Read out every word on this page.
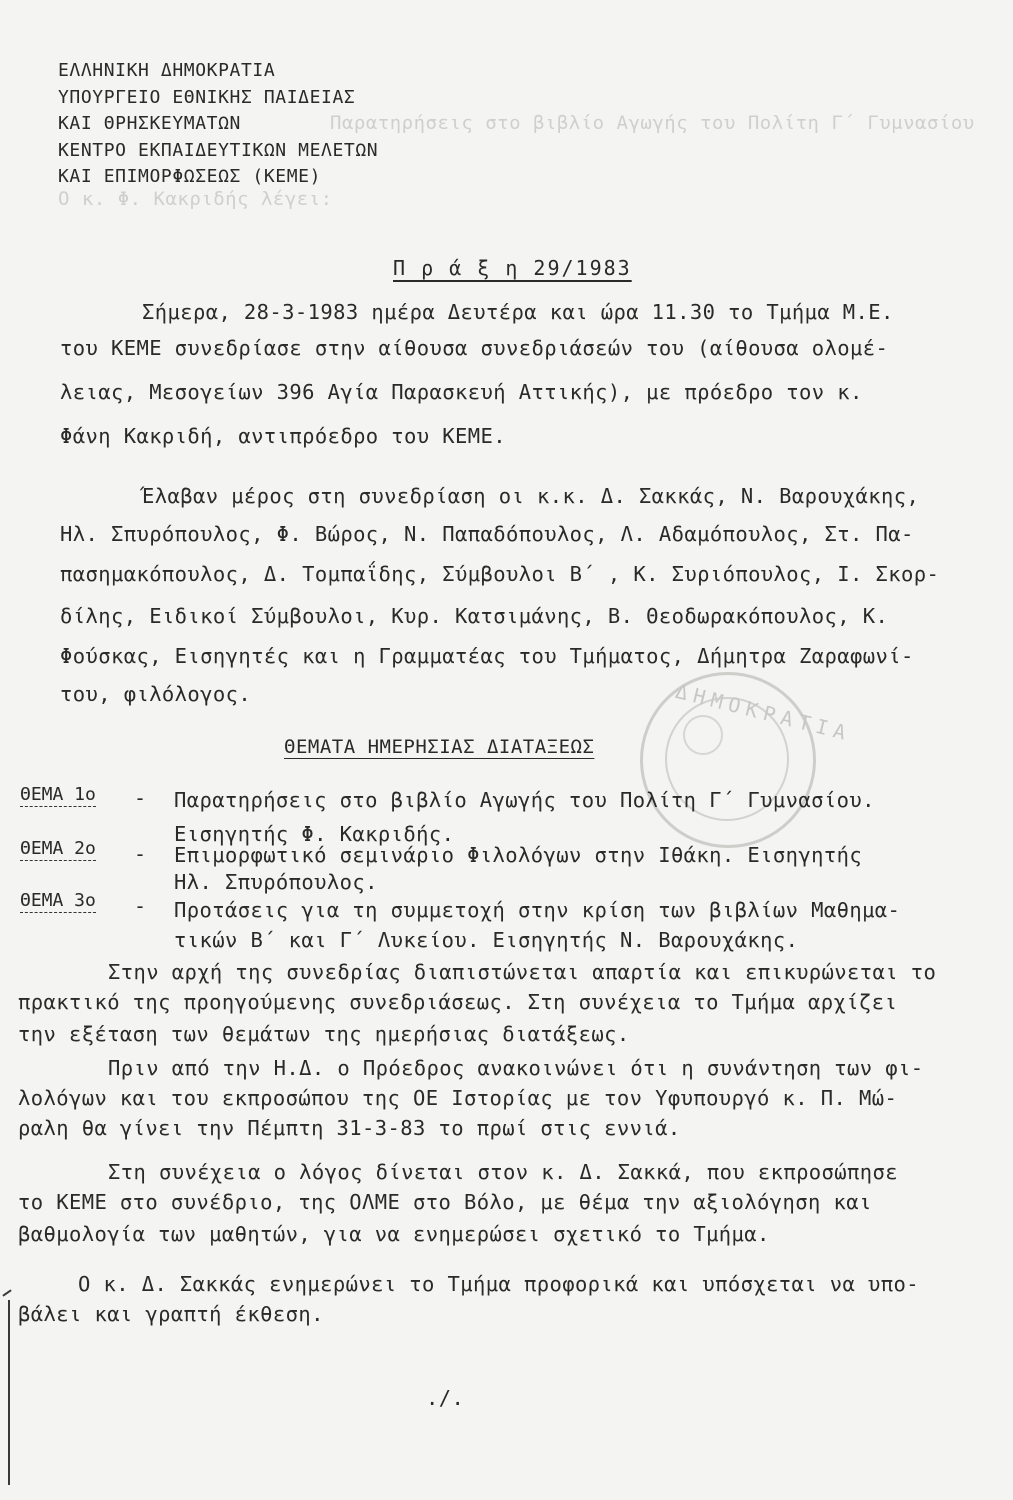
Παρατηρήσεις στο βιβλίο Αγωγής του Πολίτη Γ΄ Γυμνασίου
Ο κ. Φ. Κακριδής λέγει:
ΔΗΜΟΚΡΑΤΙΑ
ΕΛΛΗΝΙΚΗ ΔΗΜΟΚΡΑΤΙΑ
ΥΠΟΥΡΓΕΙΟ ΕΘΝΙΚΗΣ ΠΑΙΔΕΙΑΣ
ΚΑΙ ΘΡΗΣΚΕΥΜΑΤΩΝ
ΚΕΝΤΡΟ ΕΚΠΑΙΔΕΥΤΙΚΩΝ ΜΕΛΕΤΩΝ
ΚΑΙ ΕΠΙΜΟΡΦΩΣΕΩΣ (ΚΕΜΕ)
Π ρ ά ξ η 29/1983
Σήμερα, 28-3-1983 ημέρα Δευτέρα και ώρα 11.30 το Τμήμα Μ.Ε.
του ΚΕΜΕ συνεδρίασε στην αίθουσα συνεδριάσεών του (αίθουσα ολομέ-
λειας, Μεσογείων 396 Αγία Παρασκευή Αττικής), με πρόεδρο τον κ.
Φάνη Κακριδή, αντιπρόεδρο του ΚΕΜΕ.
Έλαβαν μέρος στη συνεδρίαση οι κ.κ. Δ. Σακκάς, Ν. Βαρουχάκης,
Ηλ. Σπυρόπουλος, Φ. Βώρος, Ν. Παπαδόπουλος, Λ. Αδαμόπουλος, Στ. Πα-
πασημακόπουλος, Δ. Τομπαΐδης, Σύμβουλοι Β΄ , Κ. Συριόπουλος, Ι. Σκορ-
δίλης, Ειδικοί Σύμβουλοι, Κυρ. Κατσιμάνης, Β. Θεοδωρακόπουλος, Κ.
Φούσκας, Εισηγητές και η Γραμματέας του Τμήματος, Δήμητρα Ζαραφωνί-
του, φιλόλογος.
ΘΕΜΑΤΑ ΗΜΕΡΗΣΙΑΣ ΔΙΑΤΑΞΕΩΣ
ΘΕΜΑ 1ο - Παρατηρήσεις στο βιβλίο Αγωγής του Πολίτη Γ΄ Γυμνασίου.
Εισηγητής Φ. Κακριδής.
ΘΕΜΑ 2ο - Επιμορφωτικό σεμινάριο Φιλολόγων στην Ιθάκη. Εισηγητής
Ηλ. Σπυρόπουλος.
ΘΕΜΑ 3ο - Προτάσεις για τη συμμετοχή στην κρίση των βιβλίων Μαθημα-
τικών Β΄ και Γ΄ Λυκείου. Εισηγητής Ν. Βαρουχάκης.
Στην αρχή της συνεδρίας διαπιστώνεται απαρτία και επικυρώνεται το
πρακτικό της προηγούμενης συνεδριάσεως. Στη συνέχεια το Τμήμα αρχίζει
την εξέταση των θεμάτων της ημερήσιας διατάξεως.
Πριν από την Η.Δ. ο Πρόεδρος ανακοινώνει ότι η συνάντηση των φι-
λολόγων και του εκπροσώπου της ΟΕ Ιστορίας με τον Υφυπουργό κ. Π. Μώ-
ραλη θα γίνει την Πέμπτη 31-3-83 το πρωί στις εννιά.
Στη συνέχεια ο λόγος δίνεται στον κ. Δ. Σακκά, που εκπροσώπησε
το ΚΕΜΕ στο συνέδριο, της ΟΛΜΕ στο Βόλο, με θέμα την αξιολόγηση και
βαθμολογία των μαθητών, για να ενημερώσει σχετικό το Τμήμα.
Ο κ. Δ. Σακκάς ενημερώνει το Τμήμα προφορικά και υπόσχεται να υπο-
βάλει και γραπτή έκθεση.
./.
